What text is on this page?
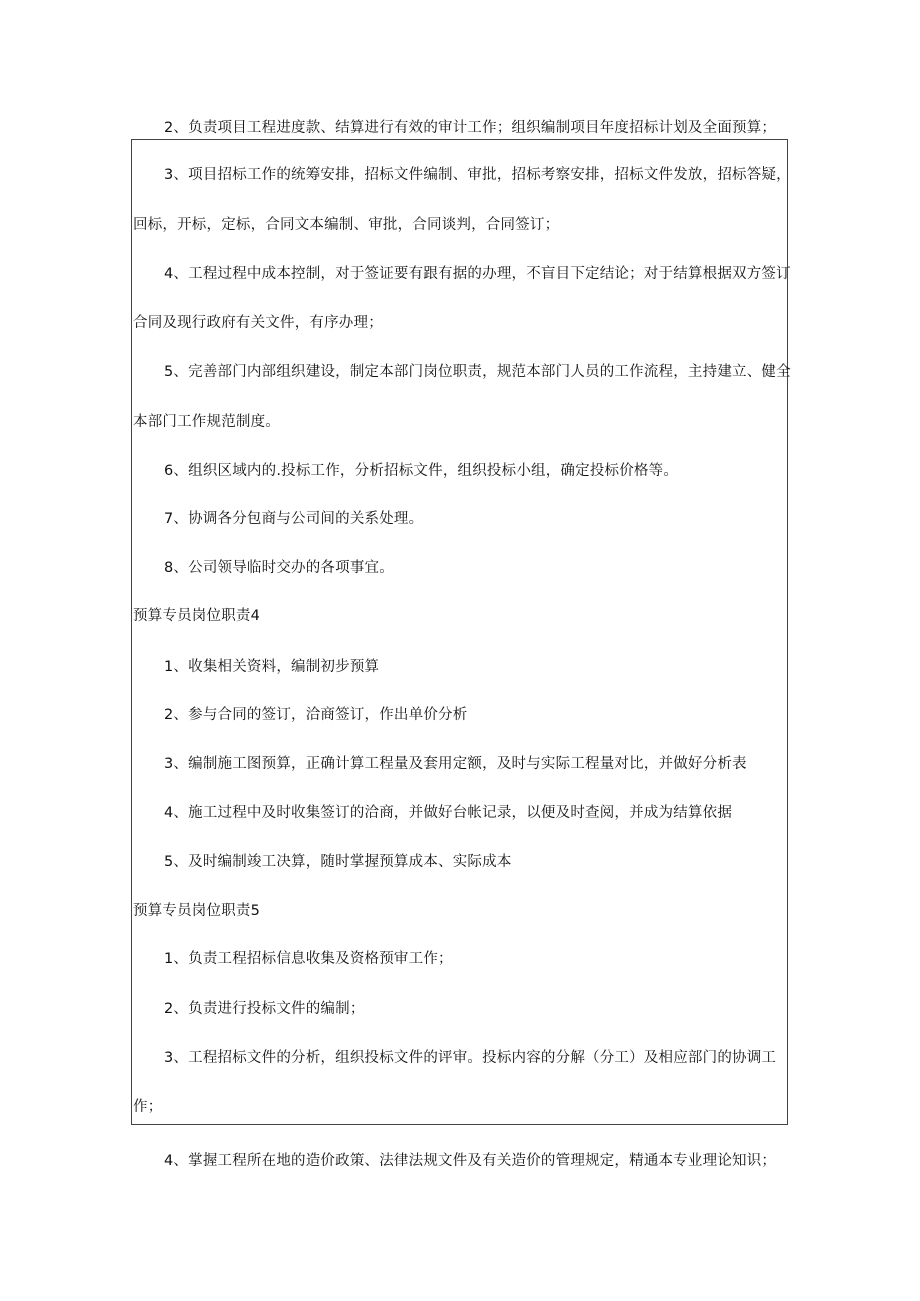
2、负责项目工程进度款、结算进行有效的审计工作；组织编制项目年度招标计划及全面预算；
3、项目招标工作的统筹安排，招标文件编制、审批，招标考察安排，招标文件发放，招标答疑，
回标，开标，定标，合同文本编制、审批，合同谈判，合同签订；
4、工程过程中成本控制，对于签证要有跟有据的办理，不盲目下定结论；对于结算根据双方签订
合同及现行政府有关文件，有序办理；
5、完善部门内部组织建设，制定本部门岗位职责，规范本部门人员的工作流程，主持建立、健全
本部门工作规范制度。
6、组织区域内的.投标工作，分析招标文件，组织投标小组，确定投标价格等。
7、协调各分包商与公司间的关系处理。
8、公司领导临时交办的各项事宜。
预算专员岗位职责4
1、收集相关资料，编制初步预算
2、参与合同的签订，洽商签订，作出单价分析
3、编制施工图预算，正确计算工程量及套用定额，及时与实际工程量对比，并做好分析表
4、施工过程中及时收集签订的洽商，并做好台帐记录，以便及时查阅，并成为结算依据
5、及时编制竣工决算，随时掌握预算成本、实际成本
预算专员岗位职责5
1、负责工程招标信息收集及资格预审工作；
2、负责进行投标文件的编制；
3、工程招标文件的分析，组织投标文件的评审。投标内容的分解（分工）及相应部门的协调工
作；
4、掌握工程所在地的造价政策、法律法规文件及有关造价的管理规定，精通本专业理论知识；
